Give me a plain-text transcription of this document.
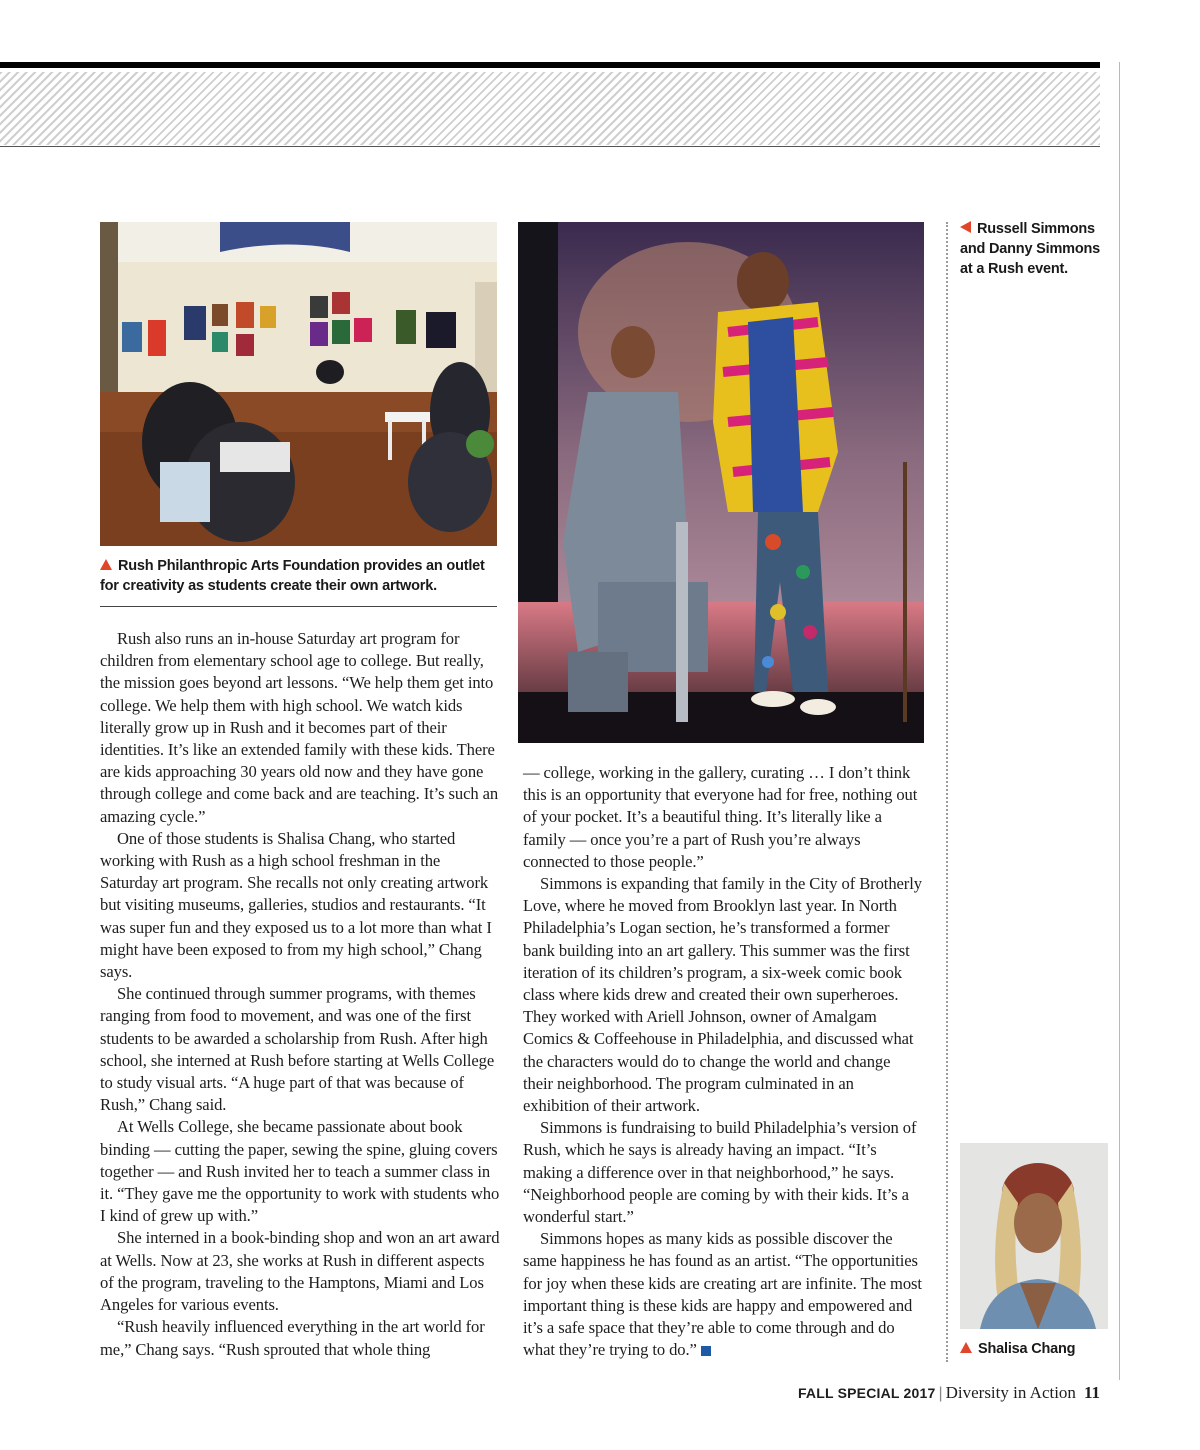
Rush Philanthropic Arts Foundation provides an outlet for creativity as students create their own artwork.
Russell Simmons and Danny Simmons at a Rush event.
Shalisa Chang

Rush also runs an in-house Saturday art program for children from elementary school age to college. But really, the mission goes beyond art lessons. “We help them get into college. We help them with high school. We watch kids literally grow up in Rush and it becomes part of their identities. It’s like an extended family with these kids. There are kids approaching 30 years old now and they have gone through college and come back and are teaching. It’s such an amazing cycle.”

One of those students is Shalisa Chang, who started working with Rush as a high school freshman in the Saturday art program. She recalls not only creating artwork but visiting museums, galleries, studios and restaurants. “It was super fun and they exposed us to a lot more than what I might have been exposed to from my high school,” Chang says.

She continued through summer programs, with themes ranging from food to movement, and was one of the first students to be awarded a scholarship from Rush. After high school, she interned at Rush before starting at Wells College to study visual arts. “A huge part of that was because of Rush,” Chang said.

At Wells College, she became passionate about book binding — cutting the paper, sewing the spine, gluing covers together — and Rush invited her to teach a summer class in it. “They gave me the opportunity to work with students who I kind of grew up with.”

She interned in a book-binding shop and won an art award at Wells. Now at 23, she works at Rush in different aspects of the program, traveling to the Hamptons, Miami and Los Angeles for various events.

“Rush heavily influenced everything in the art world for me,” Chang says. “Rush sprouted that whole thing

— college, working in the gallery, curating … I don’t think this is an opportunity that everyone had for free, nothing out of your pocket. It’s a beautiful thing. It’s literally like a family — once you’re a part of Rush you’re always connected to those people.”

Simmons is expanding that family in the City of Brotherly Love, where he moved from Brooklyn last year. In North Philadelphia’s Logan section, he’s transformed a former bank building into an art gallery. This summer was the first iteration of its children’s program, a six-week comic book class where kids drew and created their own superheroes. They worked with Ariell Johnson, owner of Amalgam Comics & Coffeehouse in Philadelphia, and discussed what the characters would do to change the world and change their neighborhood. The program culminated in an exhibition of their artwork.

Simmons is fundraising to build Philadelphia’s version of Rush, which he says is already having an impact. “It’s making a difference over in that neighborhood,” he says. “Neighborhood people are coming by with their kids. It’s a wonderful start.”

Simmons hopes as many kids as possible discover the same happiness he has found as an artist. “The opportunities for joy when these kids are creating art are infinite. The most important thing is these kids are happy and empowered and it’s a safe space that they’re able to come through and do what they’re trying to do.”

FALL SPECIAL 2017 | Diversity in Action 11
